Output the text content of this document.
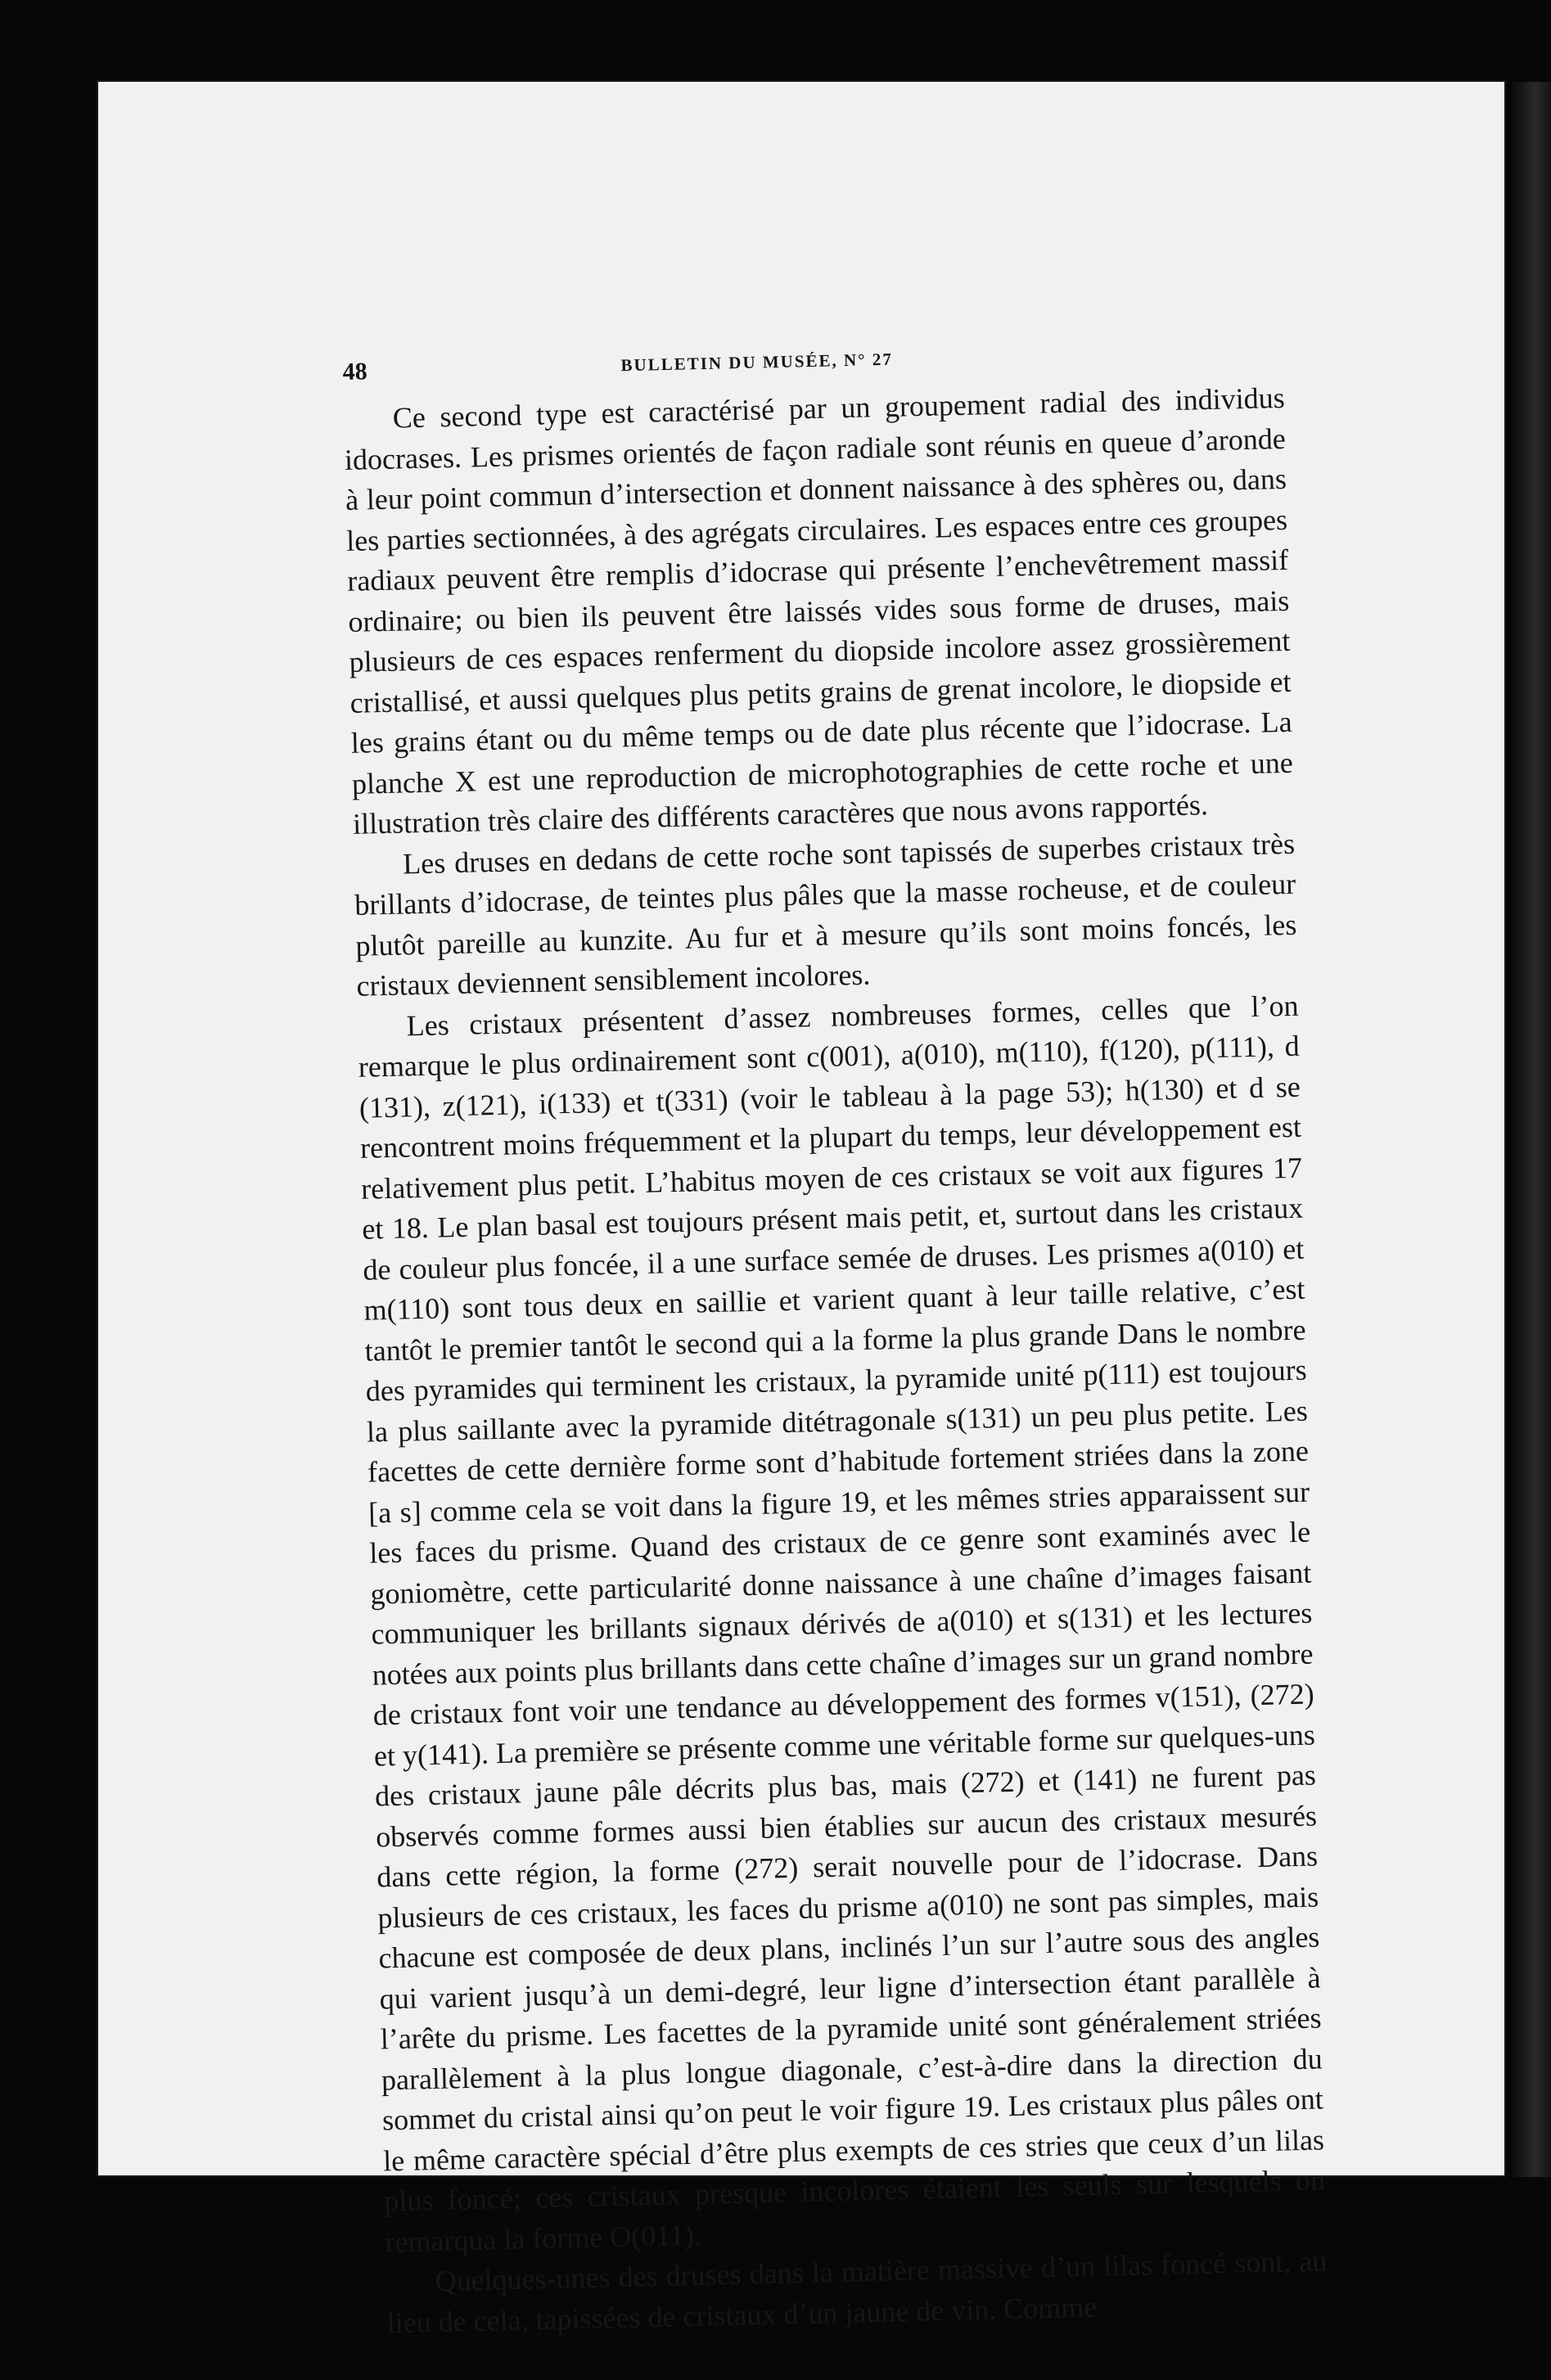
48	BULLETIN DU MUSÉE, N° 27

Ce second type est caractérisé par un groupement radial des individus idocrases. Les prismes orientés de façon radiale sont réunis en queue d’aronde à leur point commun d’intersection et donnent naissance à des sphères ou, dans les parties sectionnées, à des agrégats circulaires. Les espaces entre ces groupes radiaux peuvent être remplis d’idocrase qui présente l’enchevêtrement massif ordinaire; ou bien ils peuvent être laissés vides sous forme de druses, mais plusieurs de ces espaces renferment du diopside incolore assez grossièrement cristallisé, et aussi quelques plus petits grains de grenat incolore, le diopside et les grains étant ou du même temps ou de date plus récente que l’idocrase. La planche X est une reproduction de microphotographies de cette roche et une illustration très claire des différents caractères que nous avons rapportés.

Les druses en dedans de cette roche sont tapissés de superbes cristaux très brillants d’idocrase, de teintes plus pâles que la masse rocheuse, et de couleur plutôt pareille au kunzite. Au fur et à mesure qu’ils sont moins foncés, les cristaux deviennent sensiblement incolores.

Les cristaux présentent d’assez nombreuses formes, celles que l’on remarque le plus ordinairement sont c(001), a(010), m(110), f(120), p(111), d (131), z(121), i(133) et t(331) (voir le tableau à la page 53); h(130) et d se rencontrent moins fréquemment et la plupart du temps, leur développement est relativement plus petit. L’habitus moyen de ces cristaux se voit aux figures 17 et 18. Le plan basal est toujours présent mais petit, et, surtout dans les cristaux de couleur plus foncée, il a une surface semée de druses. Les prismes a(010) et m(110) sont tous deux en saillie et varient quant à leur taille relative, c’est tantôt le premier tantôt le second qui a la forme la plus grande Dans le nombre des pyramides qui terminent les cristaux, la pyramide unité p(111) est toujours la plus saillante avec la pyramide ditétragonale s(131) un peu plus petite. Les facettes de cette dernière forme sont d’habitude fortement striées dans la zone [a s] comme cela se voit dans la figure 19, et les mêmes stries apparaissent sur les faces du prisme. Quand des cristaux de ce genre sont examinés avec le goniomètre, cette particularité donne naissance à une chaîne d’images faisant communiquer les brillants signaux dérivés de a(010) et s(131) et les lectures notées aux points plus brillants dans cette chaîne d’images sur un grand nombre de cristaux font voir une tendance au développement des formes v(151), (272) et y(141). La première se présente comme une véritable forme sur quelques-uns des cristaux jaune pâle décrits plus bas, mais (272) et (141) ne furent pas observés comme formes aussi bien établies sur aucun des cristaux mesurés dans cette région, la forme (272) serait nouvelle pour de l’idocrase. Dans plusieurs de ces cristaux, les faces du prisme a(010) ne sont pas simples, mais chacune est composée de deux plans, inclinés l’un sur l’autre sous des angles qui varient jusqu’à un demi-degré, leur ligne d’intersection étant parallèle à l’arête du prisme. Les facettes de la pyramide unité sont généralement striées parallèlement à la plus longue diagonale, c’est-à-dire dans la direction du sommet du cristal ainsi qu’on peut le voir figure 19. Les cristaux plus pâles ont le même caractère spécial d’être plus exempts de ces stries que ceux d’un lilas plus foncé; ces cristaux presque incolores étaient les seuls sur lesquels on remarqua la forme O(011).

Quelques-unes des druses dans la matière massive d’un lilas foncé sont, au lieu de cela, tapissées de cristaux d’un jaune de vin. Comme
